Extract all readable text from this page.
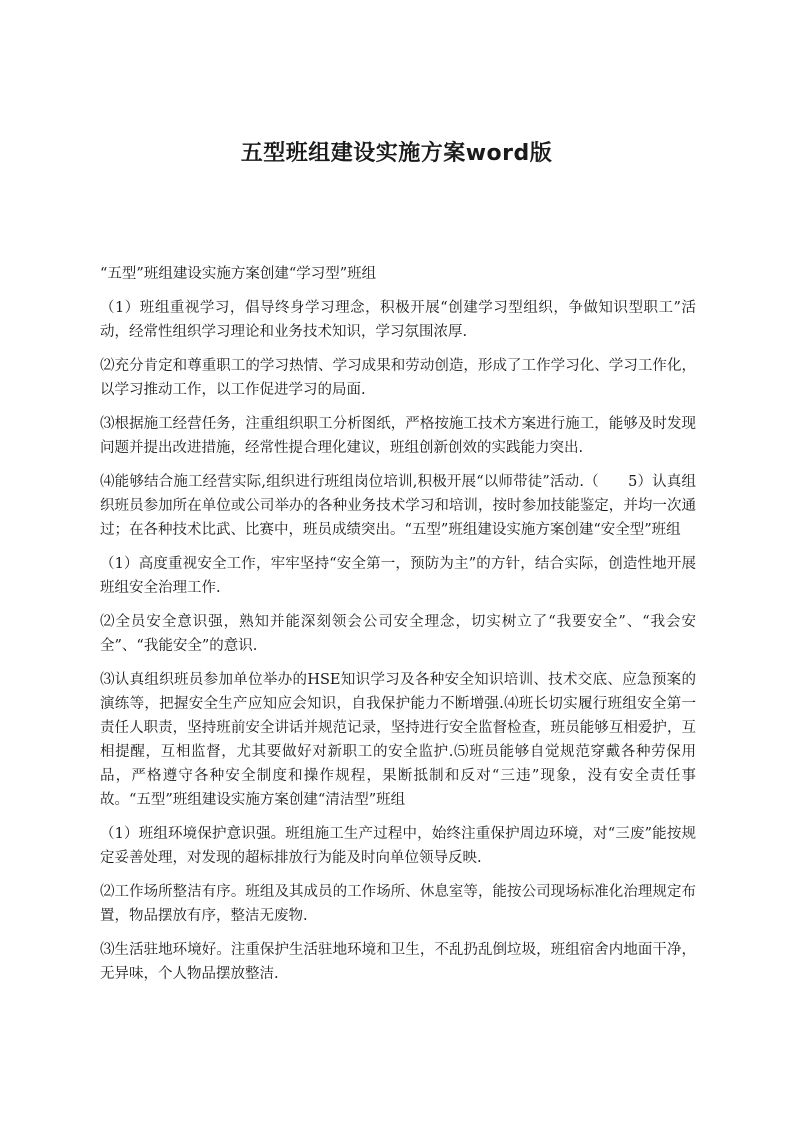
五型班组建设实施方案word版

“五型”班组建设实施方案创建“学习型”班组

（1）班组重视学习，倡导终身学习理念，积极开展“创建学习型组织，争做知识型职工”活动，经常性组织学习理论和业务技术知识，学习氛围浓厚.

⑵充分肯定和尊重职工的学习热情、学习成果和劳动创造，形成了工作学习化、学习工作化，以学习推动工作，以工作促进学习的局面.

⑶根据施工经营任务，注重组织职工分析图纸，严格按施工技术方案进行施工，能够及时发现问题并提出改进措施，经常性提合理化建议，班组创新创效的实践能力突出.

⑷能够结合施工经营实际,组织进行班组岗位培训,积极开展“以师带徒”活动.（　　5）认真组织班员参加所在单位或公司举办的各种业务技术学习和培训，按时参加技能鉴定，并均一次通过；在各种技术比武、比赛中，班员成绩突出。“五型”班组建设实施方案创建“安全型”班组

（1）高度重视安全工作，牢牢坚持“安全第一，预防为主”的方针，结合实际，创造性地开展班组安全治理工作.

⑵全员安全意识强，熟知并能深刻领会公司安全理念，切实树立了“我要安全”、“我会安全”、“我能安全”的意识.

⑶认真组织班员参加单位举办的HSE知识学习及各种安全知识培训、技术交底、应急预案的演练等，把握安全生产应知应会知识，自我保护能力不断增强.⑷班长切实履行班组安全第一责任人职责，坚持班前安全讲话并规范记录，坚持进行安全监督检查，班员能够互相爱护，互相提醒，互相监督，尤其要做好对新职工的安全监护.⑸班员能够自觉规范穿戴各种劳保用品，严格遵守各种安全制度和操作规程，果断抵制和反对“三违”现象，没有安全责任事故。“五型”班组建设实施方案创建“清洁型”班组

（1）班组环境保护意识强。班组施工生产过程中，始终注重保护周边环境，对“三废”能按规定妥善处理，对发现的超标排放行为能及时向单位领导反映.

⑵工作场所整洁有序。班组及其成员的工作场所、休息室等，能按公司现场标准化治理规定布置，物品摆放有序，整洁无废物.

⑶生活驻地环境好。注重保护生活驻地环境和卫生，不乱扔乱倒垃圾，班组宿舍内地面干净，无异味，个人物品摆放整洁.
